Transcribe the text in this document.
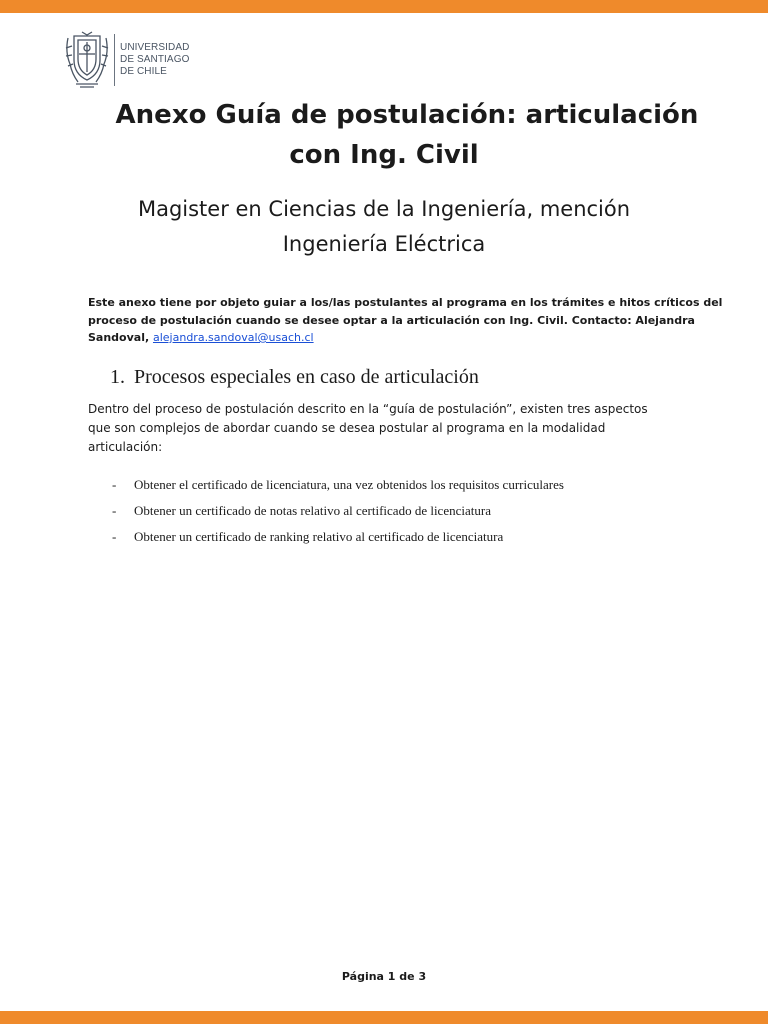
UNIVERSIDAD
DE SANTIAGO
DE CHILE
Anexo Guía de postulación: articulación
con Ing. Civil
Magister en Ciencias de la Ingeniería, mención
Ingeniería Eléctrica
Este anexo tiene por objeto guiar a los/las postulantes al programa en los trámites e hitos críticos del
proceso de postulación cuando se desee optar a la articulación con Ing. Civil. Contacto: Alejandra
Sandoval, alejandra.sandoval@usach.cl
1. Procesos especiales en caso de articulación
Dentro del proceso de postulación descrito en la “guía de postulación”, existen tres aspectos
que son complejos de abordar cuando se desea postular al programa en la modalidad
articulación:
- Obtener el certificado de licenciatura, una vez obtenidos los requisitos curriculares
- Obtener un certificado de notas relativo al certificado de licenciatura
- Obtener un certificado de ranking relativo al certificado de licenciatura
Página 1 de 3
